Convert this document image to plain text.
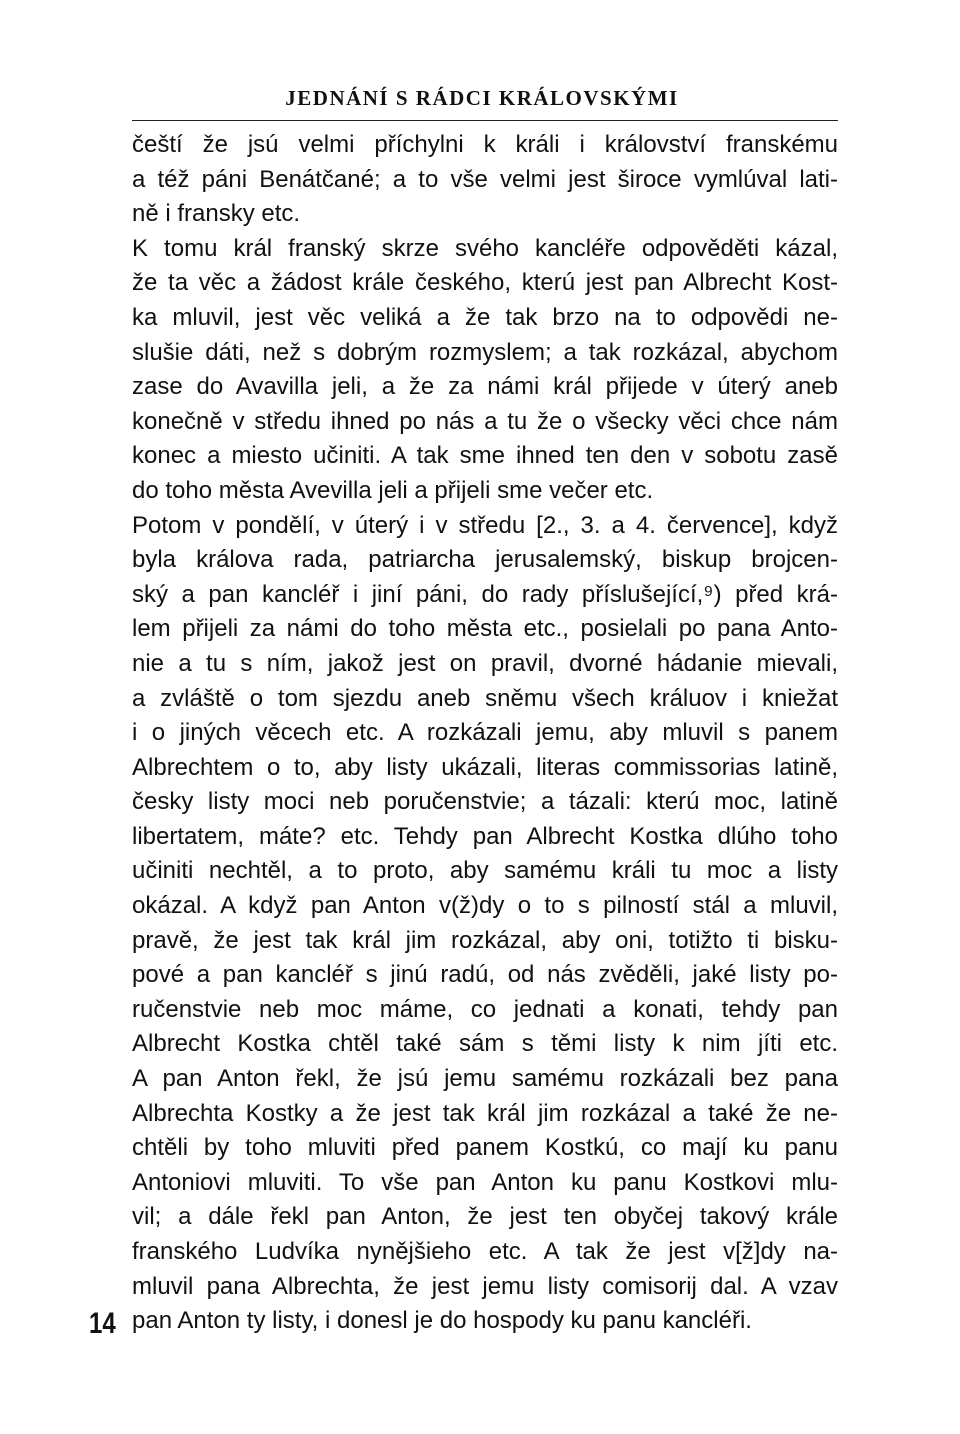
JEDNÁNÍ S RÁDCI KRÁLOVSKÝMI
čeští že jsú velmi příchylni k králi i království franskému
a též páni Benátčané; a to vše velmi jest široce vymlúval lati-
ně i fransky etc.
K tomu král franský skrze svého kancléře odpověděti kázal,
že ta věc a žádost krále českého, kterú jest pan Albrecht Kost-
ka mluvil, jest věc veliká a že tak brzo na to odpovědi ne-
slušie dáti, než s dobrým rozmyslem; a tak rozkázal, abychom
zase do Avavilla jeli, a že za námi král přijede v úterý aneb
konečně v středu ihned po nás a tu že o všecky věci chce nám
konec a miesto učiniti. A tak sme ihned ten den v sobotu zasě
do toho města Avevilla jeli a přijeli sme večer etc.
Potom v pondělí, v úterý i v středu [2., 3. a 4. července], když
byla králova rada, patriarcha jerusalemský, biskup brojcen-
ský a pan kancléř i jiní páni, do rady příslušející,⁹) před krá-
lem přijeli za námi do toho města etc., posielali po pana Anto-
nie a tu s ním, jakož jest on pravil, dvorné hádanie mievali,
a zvláště o tom sjezdu aneb sněmu všech králuov i kniežat
i o jiných věcech etc. A rozkázali jemu, aby mluvil s panem
Albrechtem o to, aby listy ukázali, literas commissorias latině,
česky listy moci neb poručenstvie; a tázali: kterú moc, latině
libertatem, máte? etc. Tehdy pan Albrecht Kostka dlúho toho
učiniti nechtěl, a to proto, aby samému králi tu moc a listy
okázal. A když pan Anton v(ž)dy o to s pilností stál a mluvil,
pravě, že jest tak král jim rozkázal, aby oni, totižto ti bisku-
pové a pan kancléř s jinú radú, od nás zvěděli, jaké listy po-
ručenstvie neb moc máme, co jednati a konati, tehdy pan
Albrecht Kostka chtěl také sám s těmi listy k nim jíti etc.
A pan Anton řekl, že jsú jemu samému rozkázali bez pana
Albrechta Kostky a že jest tak král jim rozkázal a také že ne-
chtěli by toho mluviti před panem Kostkú, co mají ku panu
Antoniovi mluviti. To vše pan Anton ku panu Kostkovi mlu-
vil; a dále řekl pan Anton, že jest ten obyčej takový krále
franského Ludvíka nynějšieho etc. A tak že jest v[ž]dy na-
mluvil pana Albrechta, že jest jemu listy comisorij dal. A vzav
pan Anton ty listy, i donesl je do hospody ku panu kancléři.
14
